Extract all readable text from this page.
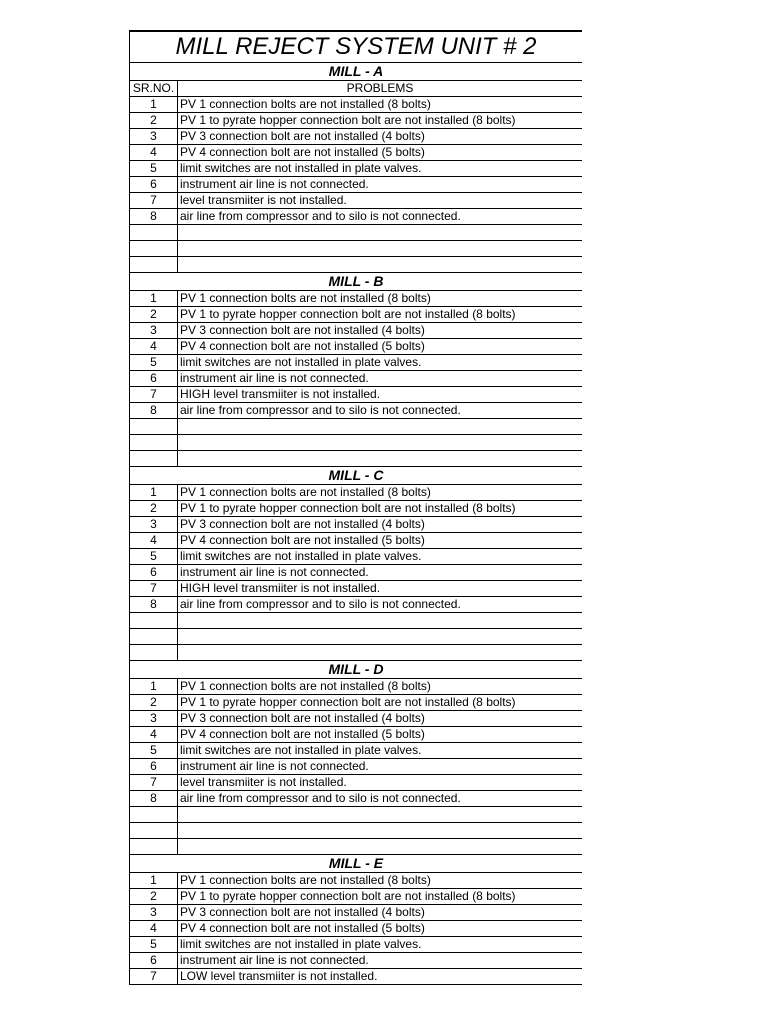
MILL REJECT SYSTEM UNIT # 2
MILL - A
SR.NO.	PROBLEMS
1	PV 1 connection bolts are not installed (8 bolts)
2	PV 1 to pyrate hopper connection bolt are not installed (8 bolts)
3	PV 3 connection bolt are not installed (4 bolts)
4	PV 4 connection bolt are not installed (5 bolts)
5	limit switches are not installed in plate valves.
6	instrument air line is not connected.
7	level transmiiter is not installed.
8	air line from compressor and to silo is not connected.
MILL - B
1	PV 1 connection bolts are not installed (8 bolts)
2	PV 1 to pyrate hopper connection bolt are not installed (8 bolts)
3	PV 3 connection bolt are not installed (4 bolts)
4	PV 4 connection bolt are not installed (5 bolts)
5	limit switches are not installed in plate valves.
6	instrument air line is not connected.
7	HIGH level transmiiter is not installed.
8	air line from compressor and to silo is not connected.
MILL - C
1	PV 1 connection bolts are not installed (8 bolts)
2	PV 1 to pyrate hopper connection bolt are not installed (8 bolts)
3	PV 3 connection bolt are not installed (4 bolts)
4	PV 4 connection bolt are not installed (5 bolts)
5	limit switches are not installed in plate valves.
6	instrument air line is not connected.
7	HIGH level transmiiter is not installed.
8	air line from compressor and to silo is not connected.
MILL - D
1	PV 1 connection bolts are not installed (8 bolts)
2	PV 1 to pyrate hopper connection bolt are not installed (8 bolts)
3	PV 3 connection bolt are not installed (4 bolts)
4	PV 4 connection bolt are not installed (5 bolts)
5	limit switches are not installed in plate valves.
6	instrument air line is not connected.
7	level transmiiter is not installed.
8	air line from compressor and to silo is not connected.
MILL - E
1	PV 1 connection bolts are not installed (8 bolts)
2	PV 1 to pyrate hopper connection bolt are not installed (8 bolts)
3	PV 3 connection bolt are not installed (4 bolts)
4	PV 4 connection bolt are not installed (5 bolts)
5	limit switches are not installed in plate valves.
6	instrument air line is not connected.
7	LOW level transmiiter is not installed.
